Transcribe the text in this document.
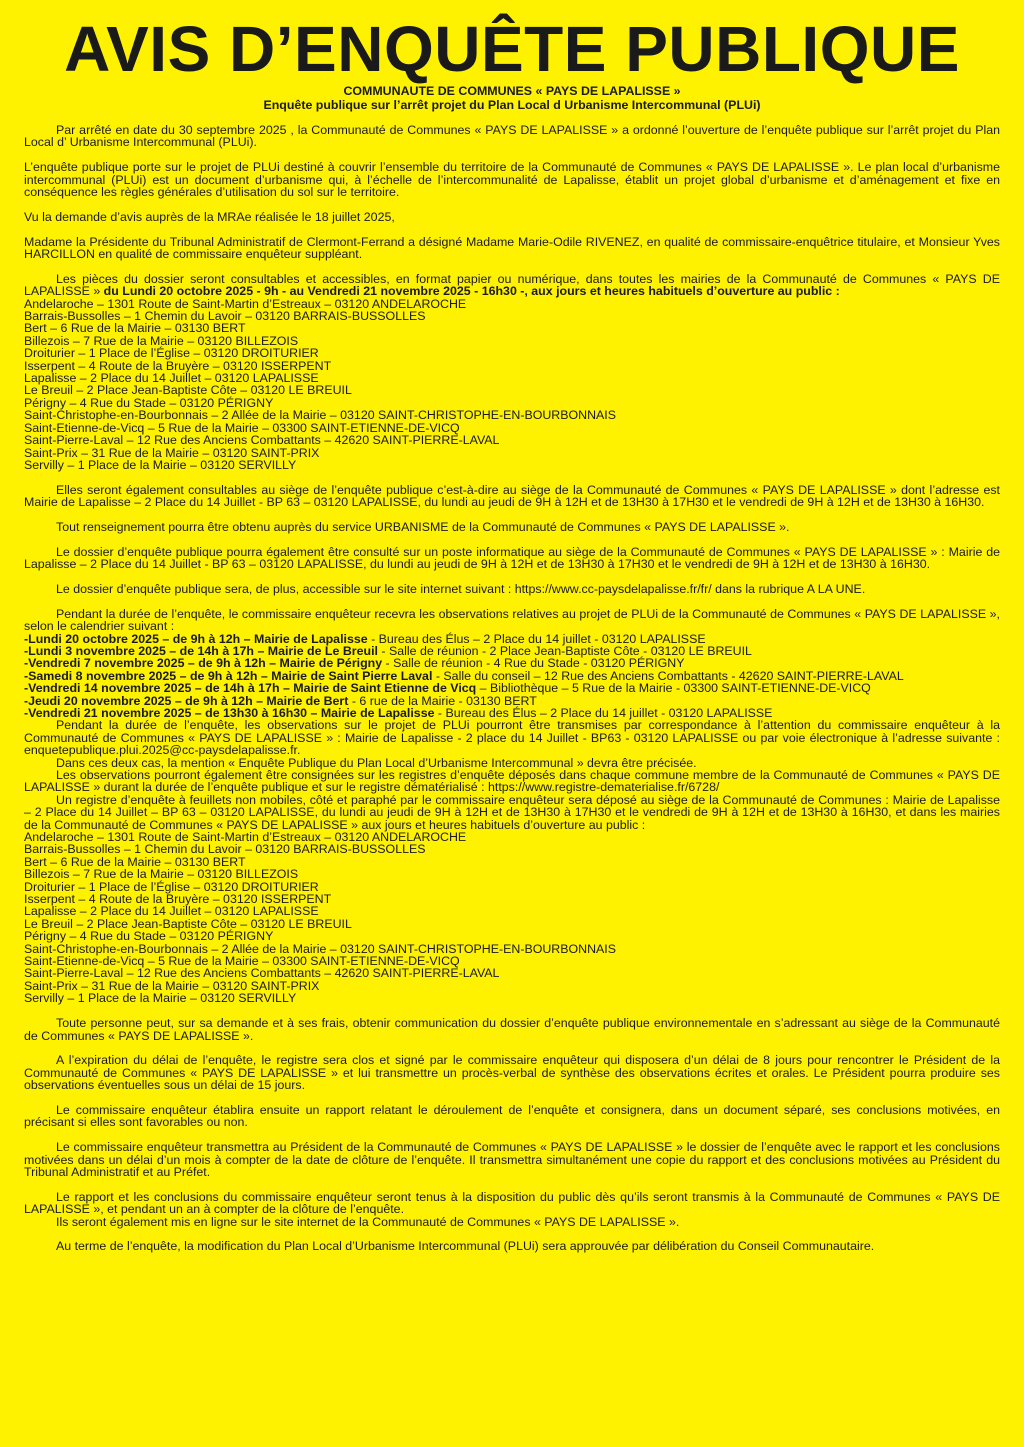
AVIS D’ENQUÊTE PUBLIQUE
COMMUNAUTE DE COMMUNES « PAYS DE LAPALISSE »
Enquête publique sur l’arrêt projet du Plan Local d Urbanisme Intercommunal (PLUi)

Par arrêté en date du 30 septembre 2025 , la Communauté de Communes « PAYS DE LAPALISSE » a ordonné l’ouverture de l’enquête publique sur l’arrêt projet du Plan Local d’ Urbanisme Intercommunal (PLUi).

L’enquête publique porte sur le projet de PLUi destiné à couvrir l’ensemble du territoire de la Communauté de Communes « PAYS DE LAPALISSE ». Le plan local d’urbanisme intercommunal (PLUi) est un document d’urbanisme qui, à l’échelle de l’intercommunalité de Lapalisse, établit un projet global d’urbanisme et d’aménagement et fixe en conséquence les règles générales d’utilisation du sol sur le territoire.

Vu la demande d’avis auprès de la MRAe réalisée le 18 juillet 2025,

Madame la Présidente du Tribunal Administratif de Clermont-Ferrand a désigné Madame Marie-Odile RIVENEZ, en qualité de commissaire-enquêtrice titulaire, et Monsieur Yves HARCILLON en qualité de commissaire enquêteur suppléant.

Les pièces du dossier seront consultables et accessibles, en format papier ou numérique, dans toutes les mairies de la Communauté de Communes « PAYS DE LAPALISSE » du Lundi 20 octobre 2025 - 9h - au Vendredi 21 novembre 2025 - 16h30 -, aux jours et heures habituels d’ouverture au public :

Andelaroche – 1301 Route de Saint-Martin d’Estreaux – 03120 ANDELAROCHE
Barrais-Bussolles – 1 Chemin du Lavoir – 03120 BARRAIS-BUSSOLLES
Bert – 6 Rue de la Mairie – 03130 BERT
Billezois – 7 Rue de la Mairie – 03120 BILLEZOIS
Droiturier – 1 Place de l’Église – 03120 DROITURIER
Isserpent – 4 Route de la Bruyère – 03120 ISSERPENT
Lapalisse – 2 Place du 14 Juillet – 03120 LAPALISSE
Le Breuil – 2 Place Jean-Baptiste Côte – 03120 LE BREUIL
Périgny – 4 Rue du Stade – 03120 PÉRIGNY
Saint-Christophe-en-Bourbonnais – 2 Allée de la Mairie – 03120 SAINT-CHRISTOPHE-EN-BOURBONNAIS
Saint-Etienne-de-Vicq – 5 Rue de la Mairie – 03300 SAINT-ETIENNE-DE-VICQ
Saint-Pierre-Laval – 12 Rue des Anciens Combattants – 42620 SAINT-PIERRE-LAVAL
Saint-Prix – 31 Rue de la Mairie – 03120 SAINT-PRIX
Servilly – 1 Place de la Mairie – 03120 SERVILLY

Elles seront également consultables au siège de l’enquête publique c’est-à-dire au siège de la Communauté de Communes « PAYS DE LAPALISSE » dont l’adresse est Mairie de Lapalisse – 2 Place du 14 Juillet - BP 63 – 03120 LAPALISSE, du lundi au jeudi de 9H à 12H et de 13H30 à 17H30 et le vendredi de 9H à 12H et de 13H30 à 16H30.

Tout renseignement pourra être obtenu auprès du service URBANISME de la Communauté de Communes « PAYS DE LAPALISSE ».

Le dossier d’enquête publique pourra également être consulté sur un poste informatique au siège de la Communauté de Communes « PAYS DE LAPALISSE » : Mairie de Lapalisse – 2 Place du 14 Juillet - BP 63 – 03120 LAPALISSE, du lundi au jeudi de 9H à 12H et de 13H30 à 17H30 et le vendredi de 9H à 12H et de 13H30 à 16H30.

Le dossier d’enquête publique sera, de plus, accessible sur le site internet suivant : https://www.cc-paysdelapalisse.fr/fr/ dans la rubrique A LA UNE.

Pendant la durée de l’enquête, le commissaire enquêteur recevra les observations relatives au projet de PLUi de la Communauté de Communes « PAYS DE LAPALISSE », selon le calendrier suivant :

-Lundi 20 octobre 2025 – de 9h à 12h – Mairie de Lapalisse - Bureau des Élus – 2 Place du 14 juillet - 03120 LAPALISSE
-Lundi 3 novembre 2025 – de 14h à 17h – Mairie de Le Breuil - Salle de réunion - 2 Place Jean-Baptiste Côte - 03120 LE BREUIL
-Vendredi 7 novembre 2025 – de 9h à 12h – Mairie de Périgny - Salle de réunion - 4 Rue du Stade - 03120 PÉRIGNY
-Samedi 8 novembre 2025 – de 9h à 12h – Mairie de Saint Pierre Laval - Salle du conseil – 12 Rue des Anciens Combattants - 42620 SAINT-PIERRE-LAVAL
-Vendredi 14 novembre 2025 – de 14h à 17h – Mairie de Saint Etienne de Vicq – Bibliothèque – 5 Rue de la Mairie - 03300 SAINT-ETIENNE-DE-VICQ
-Jeudi 20 novembre 2025 – de 9h à 12h – Mairie de Bert - 6 rue de la Mairie - 03130 BERT
-Vendredi 21 novembre 2025 – de 13h30 à 16h30 – Mairie de Lapalisse - Bureau des Élus – 2 Place du 14 juillet - 03120 LAPALISSE

Pendant la durée de l’enquête, les observations sur le projet de PLUi pourront être transmises par correspondance à l’attention du commissaire enquêteur à la Communauté de Communes « PAYS DE LAPALISSE » : Mairie de Lapalisse - 2 place du 14 Juillet - BP63 - 03120 LAPALISSE ou par voie électronique à l’adresse suivante : enquetepublique.plui.2025@cc-paysdelapalisse.fr.

Dans ces deux cas, la mention « Enquête Publique du Plan Local d’Urbanisme Intercommunal » devra être précisée.

Les observations pourront également être consignées sur les registres d’enquête déposés dans chaque commune membre de la Communauté de Communes « PAYS DE LAPALISSE » durant la durée de l’enquête publique et sur le registre dématérialisé : https://www.registre-dematerialise.fr/6728/

Un registre d’enquête à feuillets non mobiles, côté et paraphé par le commissaire enquêteur sera déposé au siège de la Communauté de Communes : Mairie de Lapalisse – 2 Place du 14 Juillet – BP 63 – 03120 LAPALISSE, du lundi au jeudi de 9H à 12H et de 13H30 à 17H30 et le vendredi de 9H à 12H et de 13H30 à 16H30, et dans les mairies de la Communauté de Communes « PAYS DE LAPALISSE » aux jours et heures habituels d’ouverture au public :

Andelaroche – 1301 Route de Saint-Martin d’Estreaux – 03120 ANDELAROCHE
Barrais-Bussolles – 1 Chemin du Lavoir – 03120 BARRAIS-BUSSOLLES
Bert – 6 Rue de la Mairie – 03130 BERT
Billezois – 7 Rue de la Mairie – 03120 BILLEZOIS
Droiturier – 1 Place de l’Église – 03120 DROITURIER
Isserpent – 4 Route de la Bruyère – 03120 ISSERPENT
Lapalisse – 2 Place du 14 Juillet – 03120 LAPALISSE
Le Breuil – 2 Place Jean-Baptiste Côte – 03120 LE BREUIL
Périgny – 4 Rue du Stade – 03120 PÉRIGNY
Saint-Christophe-en-Bourbonnais – 2 Allée de la Mairie – 03120 SAINT-CHRISTOPHE-EN-BOURBONNAIS
Saint-Etienne-de-Vicq – 5 Rue de la Mairie – 03300 SAINT-ETIENNE-DE-VICQ
Saint-Pierre-Laval – 12 Rue des Anciens Combattants – 42620 SAINT-PIERRE-LAVAL
Saint-Prix – 31 Rue de la Mairie – 03120 SAINT-PRIX
Servilly – 1 Place de la Mairie – 03120 SERVILLY

Toute personne peut, sur sa demande et à ses frais, obtenir communication du dossier d’enquête publique environnementale en s’adressant au siège de la Communauté de Communes « PAYS DE LAPALISSE ».

A l’expiration du délai de l’enquête, le registre sera clos et signé par le commissaire enquêteur qui disposera d’un délai de 8 jours pour rencontrer le Président de la Communauté de Communes « PAYS DE LAPALISSE » et lui transmettre un procès-verbal de synthèse des observations écrites et orales. Le Président pourra produire ses observations éventuelles sous un délai de 15 jours.

Le commissaire enquêteur établira ensuite un rapport relatant le déroulement de l’enquête et consignera, dans un document séparé, ses conclusions motivées, en précisant si elles sont favorables ou non.

Le commissaire enquêteur transmettra au Président de la Communauté de Communes « PAYS DE LAPALISSE » le dossier de l’enquête avec le rapport et les conclusions motivées dans un délai d’un mois à compter de la date de clôture de l’enquête. Il transmettra simultanément une copie du rapport et des conclusions motivées au Président du Tribunal Administratif et au Préfet.

Le rapport et les conclusions du commissaire enquêteur seront tenus à la disposition du public dès qu’ils seront transmis à la Communauté de Communes « PAYS DE LAPALISSE », et pendant un an à compter de la clôture de l’enquête.

Ils seront également mis en ligne sur le site internet de la Communauté de Communes « PAYS DE LAPALISSE ».

Au terme de l’enquête, la modification du Plan Local d’Urbanisme Intercommunal (PLUi) sera approuvée par délibération du Conseil Communautaire.
